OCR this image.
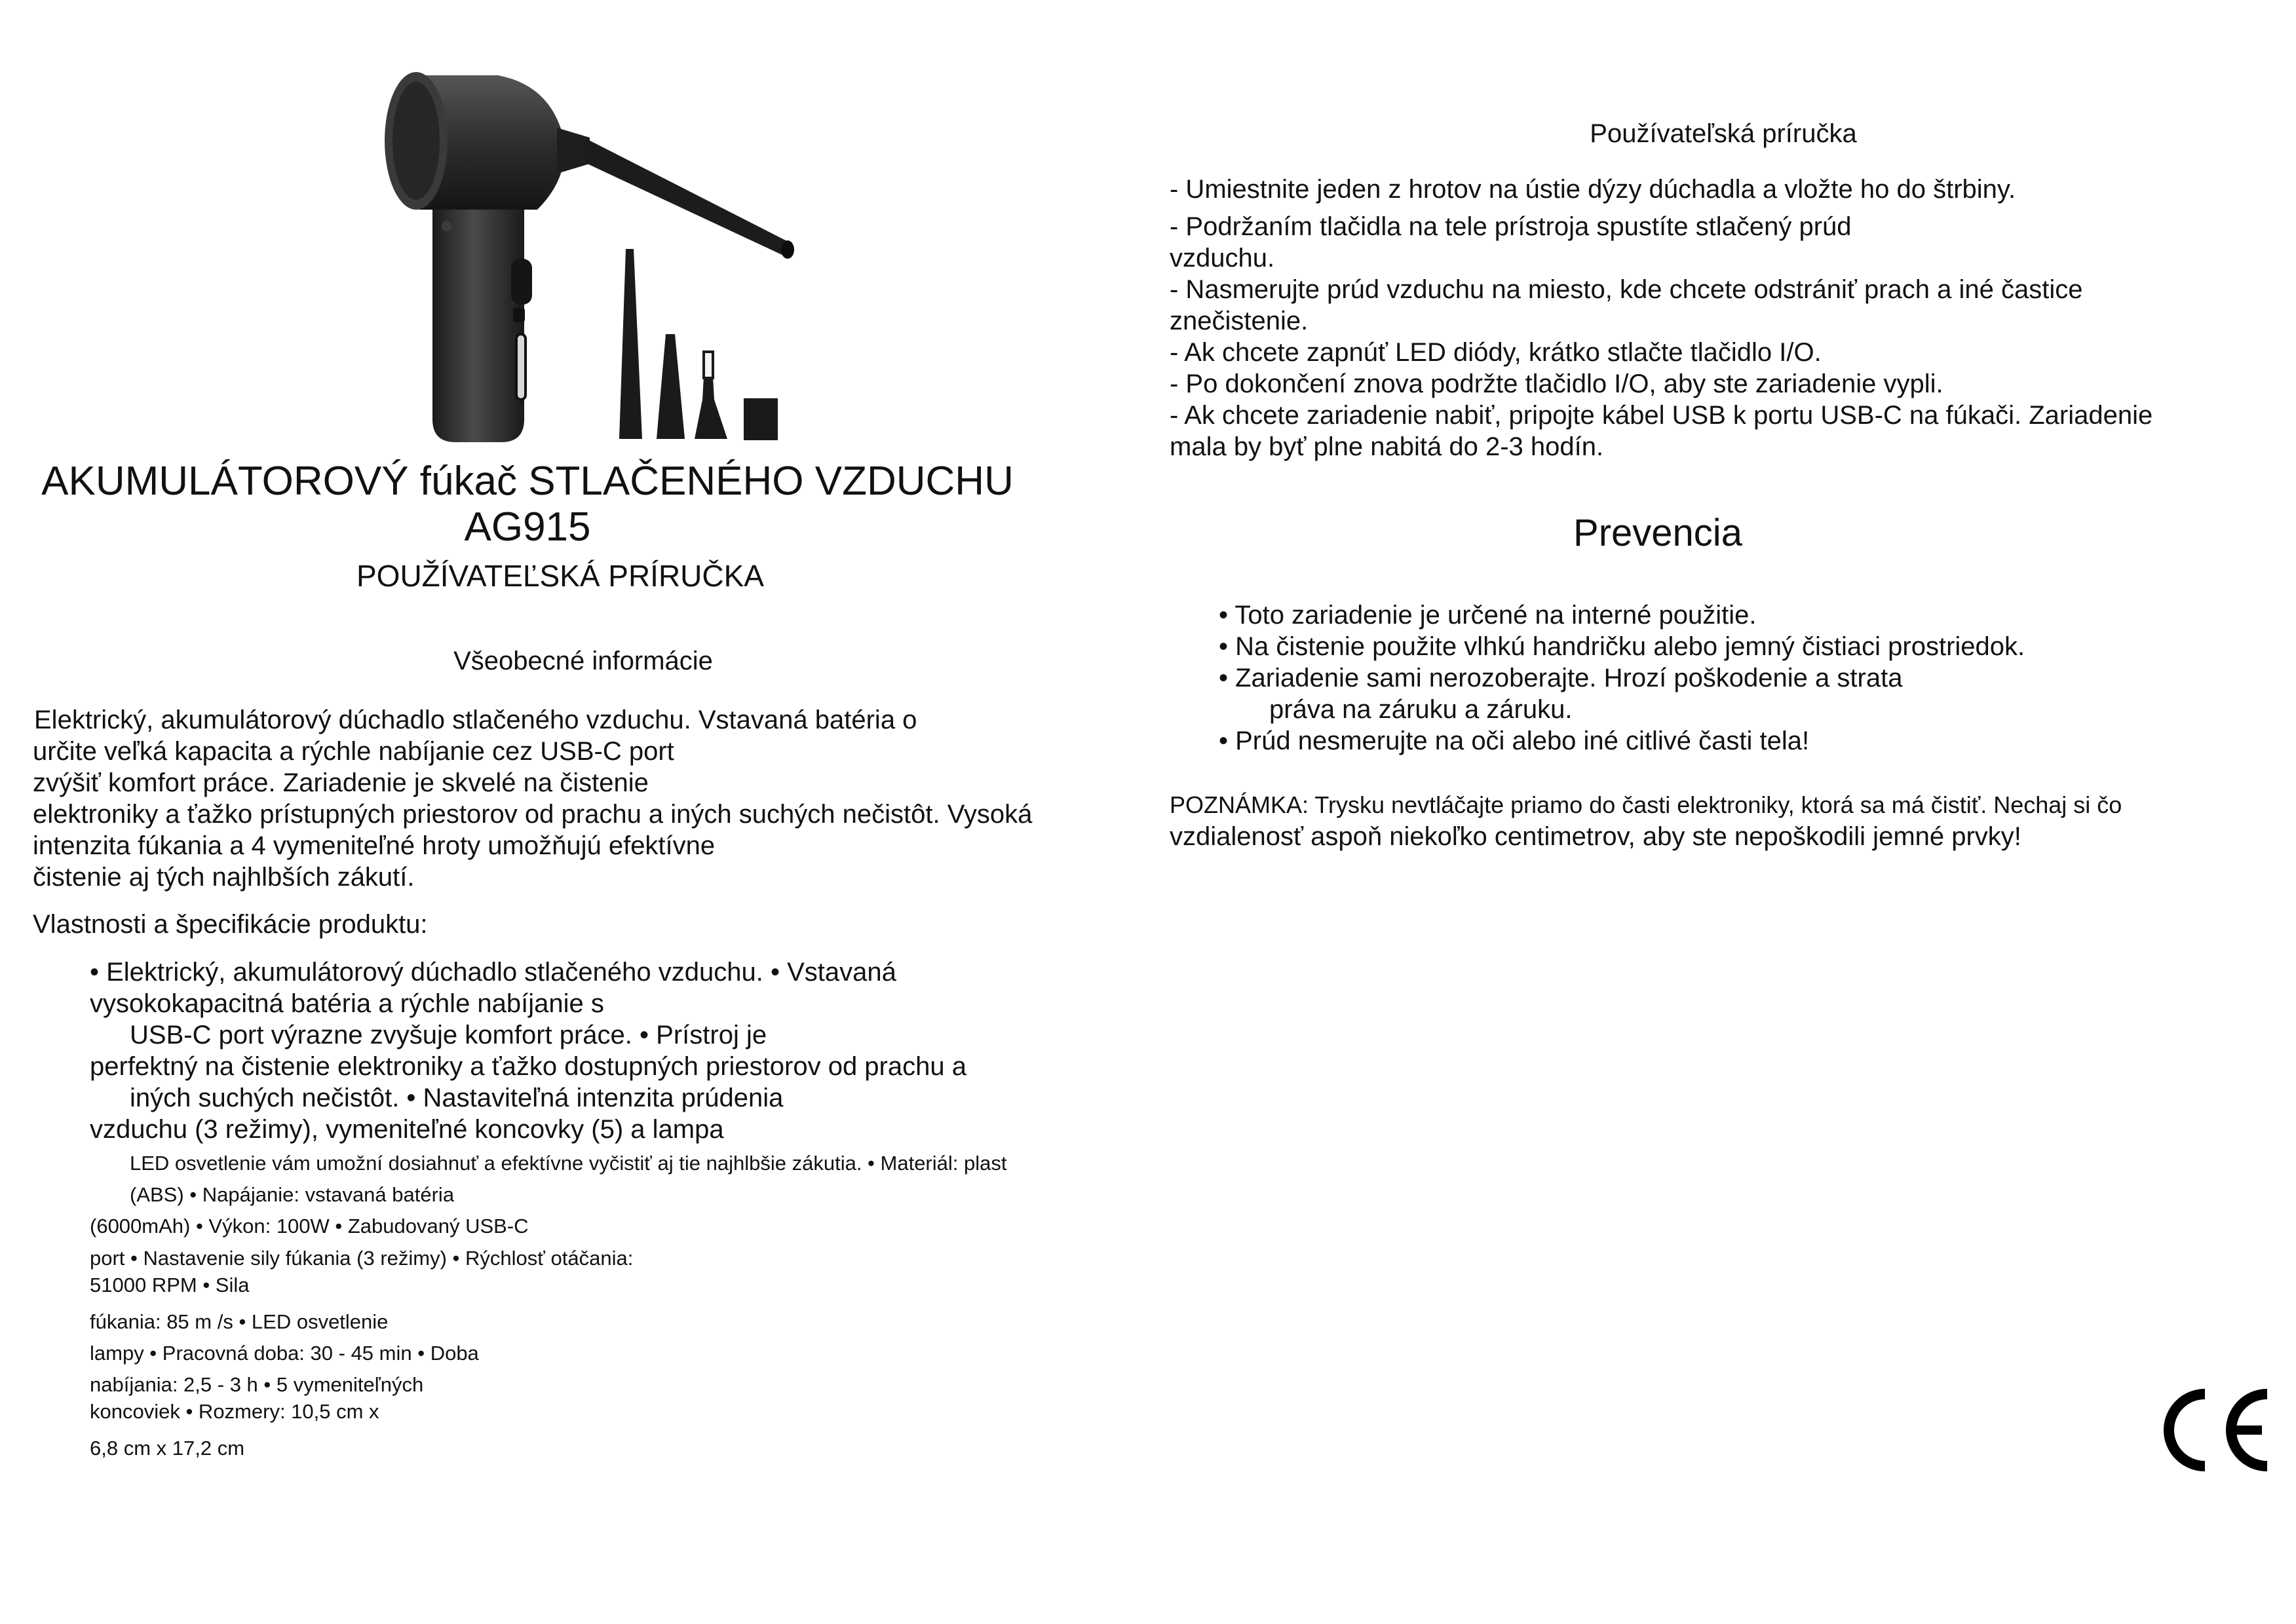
AKUMULÁTOROVÝ fúkač STLAČENÉHO VZDUCHU
AG915
POUŽÍVATEĽSKÁ PRÍRUČKA
Všeobecné informácie
Elektrický, akumulátorový dúchadlo stlačeného vzduchu. Vstavaná batéria o
určite veľká kapacita a rýchle nabíjanie cez USB-C port
zvýšiť komfort práce. Zariadenie je skvelé na čistenie
elektroniky a ťažko prístupných priestorov od prachu a iných suchých nečistôt. Vysoká
intenzita fúkania a 4 vymeniteľné hroty umožňujú efektívne
čistenie aj tých najhlbších zákutí.
Vlastnosti a špecifikácie produktu:
• Elektrický, akumulátorový dúchadlo stlačeného vzduchu. • Vstavaná
vysokokapacitná batéria a rýchle nabíjanie s
USB-C port výrazne zvyšuje komfort práce. • Prístroj je
perfektný na čistenie elektroniky a ťažko dostupných priestorov od prachu a
iných suchých nečistôt. • Nastaviteľná intenzita prúdenia
vzduchu (3 režimy), vymeniteľné koncovky (5) a lampa
LED osvetlenie vám umožní dosiahnuť a efektívne vyčistiť aj tie najhlbšie zákutia. • Materiál: plast
(ABS) • Napájanie: vstavaná batéria
(6000mAh) • Výkon: 100W • Zabudovaný USB-C
port • Nastavenie sily fúkania (3 režimy) • Rýchlosť otáčania:
51000 RPM • Sila
fúkania: 85 m /s • LED osvetlenie
lampy • Pracovná doba: 30 - 45 min • Doba
nabíjania: 2,5 - 3 h • 5 vymeniteľných
koncoviek • Rozmery: 10,5 cm x
6,8 cm x 17,2 cm
Používateľská príručka
- Umiestnite jeden z hrotov na ústie dýzy dúchadla a vložte ho do štrbiny.
- Podržaním tlačidla na tele prístroja spustíte stlačený prúd
vzduchu.
- Nasmerujte prúd vzduchu na miesto, kde chcete odstrániť prach a iné častice
znečistenie.
- Ak chcete zapnúť LED diódy, krátko stlačte tlačidlo I/O.
- Po dokončení znova podržte tlačidlo I/O, aby ste zariadenie vypli.
- Ak chcete zariadenie nabiť, pripojte kábel USB k portu USB-C na fúkači. Zariadenie
mala by byť plne nabitá do 2-3 hodín.
Prevencia
• Toto zariadenie je určené na interné použitie.
• Na čistenie použite vlhkú handričku alebo jemný čistiaci prostriedok.
• Zariadenie sami nerozoberajte. Hrozí poškodenie a strata
práva na záruku a záruku.
• Prúd nesmerujte na oči alebo iné citlivé časti tela!
POZNÁMKA: Trysku nevtláčajte priamo do časti elektroniky, ktorá sa má čistiť. Nechaj si čo
vzdialenosť aspoň niekoľko centimetrov, aby ste nepoškodili jemné prvky!
